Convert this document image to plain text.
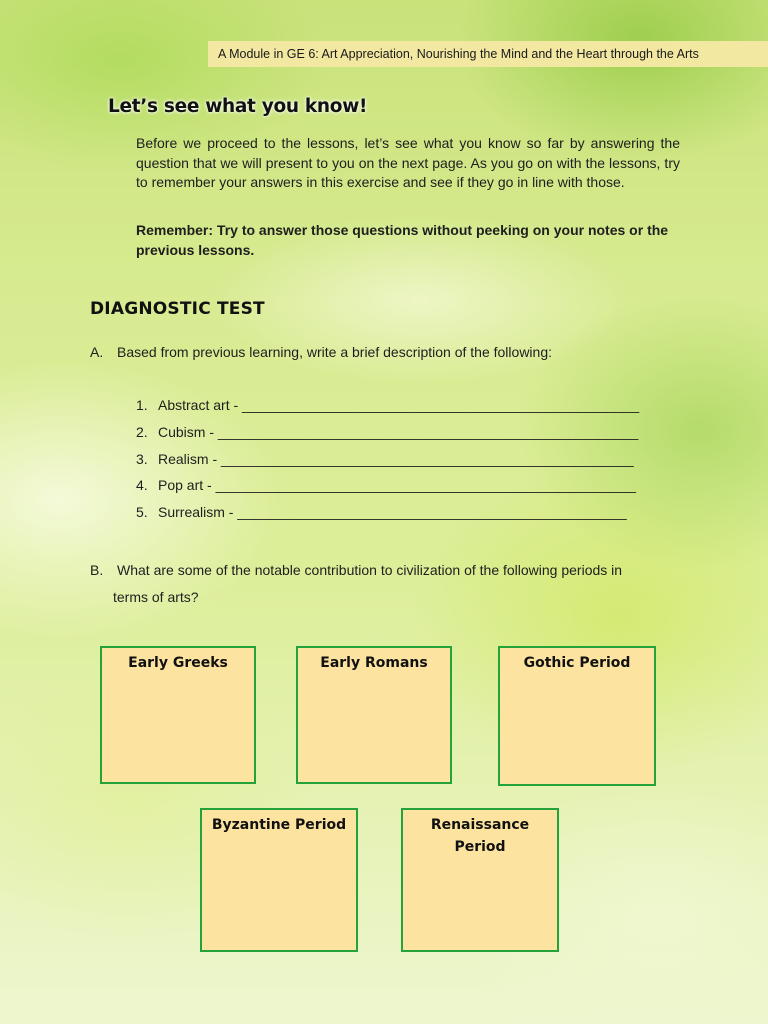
A Module in GE 6: Art Appreciation, Nourishing the Mind and the Heart through the Arts
Let’s see what you know!

Before we proceed to the lessons, let’s see what you know so far by answering the question that we will present to you on the next page. As you go on with the lessons, try to remember your answers in this exercise and see if they go in line with those.

Remember: Try to answer those questions without peeking on your notes or the previous lessons.

DIAGNOSTIC TEST
A. Based from previous learning, write a brief description of the following:
1. Abstract art - ___________________________________________________
2. Cubism - ______________________________________________________
3. Realism - _____________________________________________________
4. Pop art - ______________________________________________________
5. Surrealism - __________________________________________________
B. What are some of the notable contribution to civilization of the following periods in
terms of arts?
Early Greeks	Early Romans	Gothic Period
Byzantine Period	Renaissance
Period
